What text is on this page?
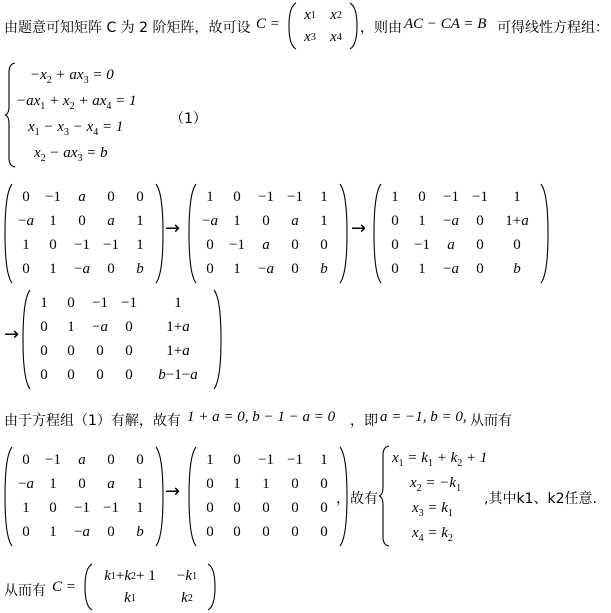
由题意可知矩阵 C 为 2 阶矩阵，故可设 C =
x 1 x 2
x 3 x 4
，则由 AC − CA = B 可得线性方程组：
$-x_2 + ax_3 = 0$
$-ax_1 + x_2 + ax_4 = 1$
$x_1 - x_3 - x_4 = 1$
$x_2 - ax_3 = b$
（1）
0	−1	a	0	0
− a	1	0	a	1
1	0	−1 −1	1
0	1	− a	0	b
→
1	0	−1 −1	1
− a	1	0	a	1
0	−1	a	0	0
0	1	− a	0	b
→
1	0	−1 −1	1
0	1	− a	0	1+ a
0	−1	a	0	0
0	1	− a	0	b
→
1	0	−1 −1	1
0	1	− a	0	1+ a
0	0	0	0	1+ a
0	0	0	0	b −1− a
由于方程组（1）有解，故有 1 + a = 0, b − 1 − a = 0 ，即 a = −1, b = 0, 从而有
0	−1	a	0	0
− a	1	0	a	1
1	0	−1 −1	1
0	1	− a	0	b
→
1	0	−1 −1	1
0	1	1	0	0
0	0	0	0	0
0	0	0	0	0
，故有
$x_1 = k_1 + k_2 + 1$
$x_2 = -k_1$
$x_3 = k_1$
$x_4 = k_2$
,其中k1、k2任意.
从而有 C =
k 1 + k 2 + 1	− k 1
k 1	k 2
